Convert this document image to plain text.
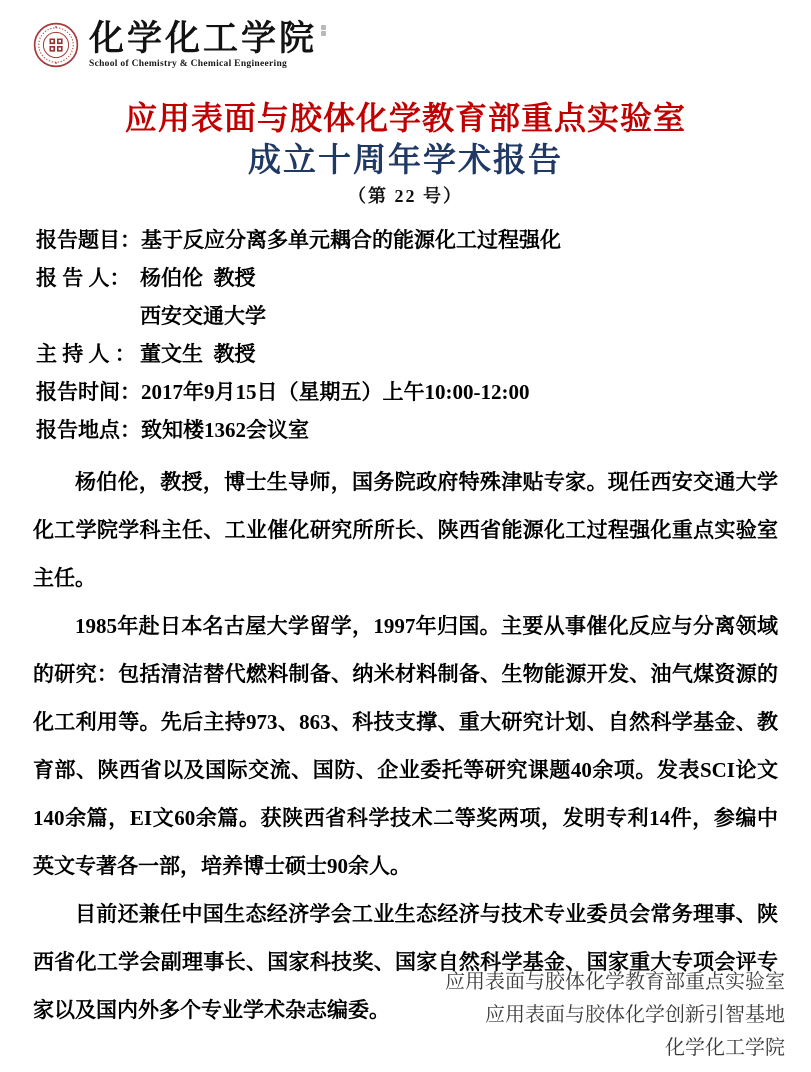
化学化工学院
School of Chemistry & Chemical Engineering
应用表面与胶体化学教育部重点实验室
成立十周年学术报告
（第 22 号）
报告题目： 基于反应分离多单元耦合的能源化工过程强化
报 告 人： 杨伯伦  教授
西安交通大学
主 持 人 ： 董文生  教授
报告时间： 2017年9月15日（星期五）上午10:00-12:00
报告地点： 致知楼1362会议室

杨伯伦，教授，博士生导师，国务院政府特殊津贴专家。现任西安交通大学化工学院学科主任、工业催化研究所所长、陕西省能源化工过程强化重点实验室主任。

1985年赴日本名古屋大学留学，1997年归国。主要从事催化反应与分离领域的研究：包括清洁替代燃料制备、纳米材料制备、生物能源开发、油气煤资源的化工利用等。先后主持973、863、科技支撑、重大研究计划、自然科学基金、教育部、陕西省以及国际交流、国防、企业委托等研究课题40余项。发表SCI论文140余篇，EI文60余篇。获陕西省科学技术二等奖两项，发明专利14件，参编中英文专著各一部，培养博士硕士90余人。

目前还兼任中国生态经济学会工业生态经济与技术专业委员会常务理事、陕西省化工学会副理事长、国家科技奖、国家自然科学基金、国家重大专项会评专家以及国内外多个专业学术杂志编委。

应用表面与胶体化学教育部重点实验室
应用表面与胶体化学创新引智基地
化学化工学院
